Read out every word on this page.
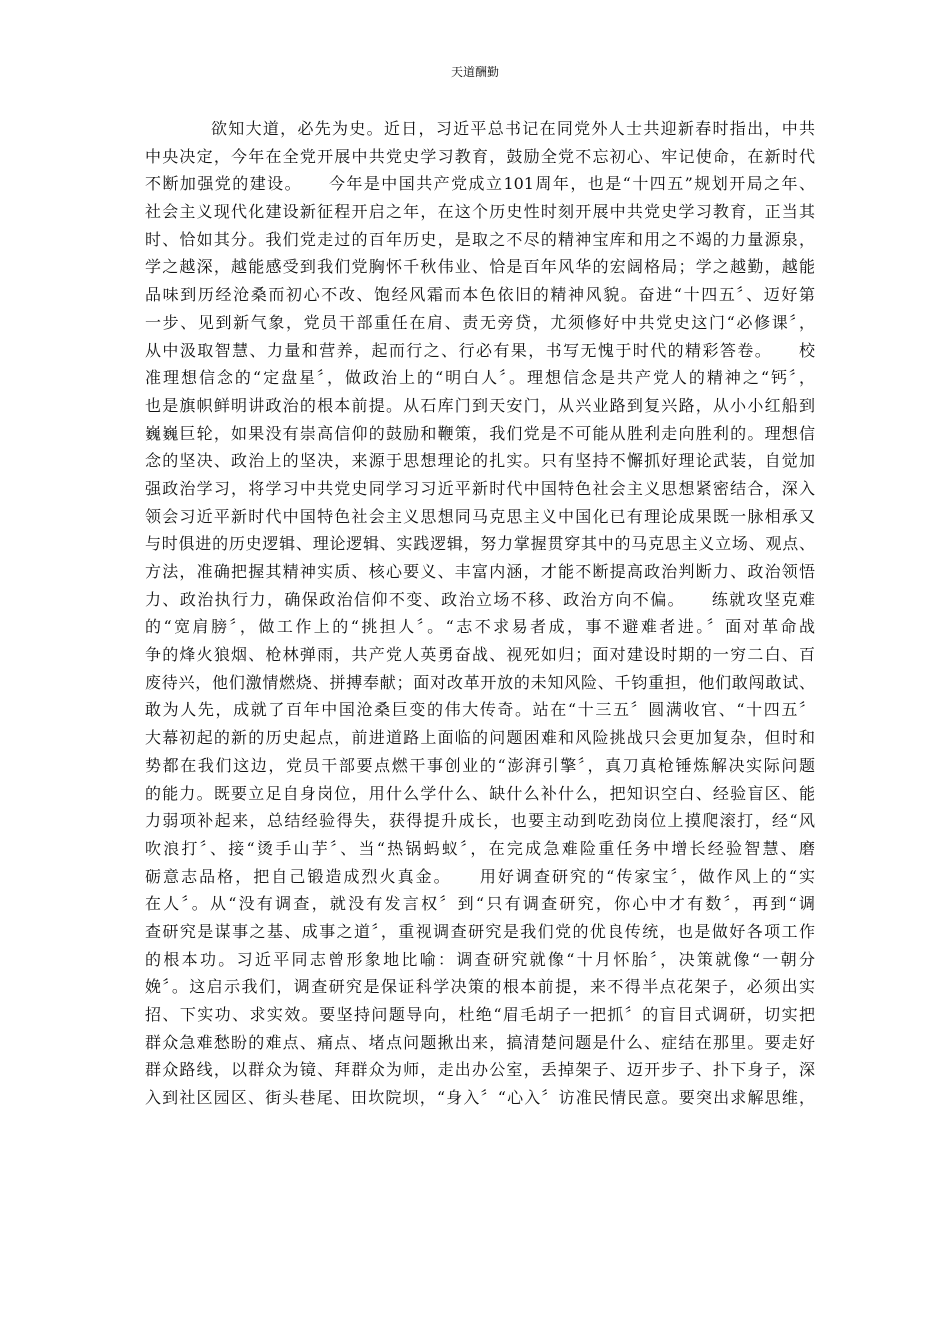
天道酬勤
欲知大道，必先为史。近日，习近平总书记在同党外人士共迎新春时指出，中共
中央决定，今年在全党开展中共党史学习教育，鼓励全党不忘初心、牢记使命，在新时代
不断加强党的建设。　　今年是中国共产党成立101周年，也是“十四五”规划开局之年、
社会主义现代化建设新征程开启之年，在这个历史性时刻开展中共党史学习教育，正当其
时、恰如其分。我们党走过的百年历史，是取之不尽的精神宝库和用之不竭的力量源泉，
学之越深，越能感受到我们党胸怀千秋伟业、恰是百年风华的宏阔格局；学之越勤，越能
品味到历经沧桑而初心不改、饱经风霜而本色依旧的精神风貌。奋进“十四五〞、迈好第
一步、见到新气象，党员干部重任在肩、责无旁贷，尤须修好中共党史这门“必修课〞，
从中汲取智慧、力量和营养，起而行之、行必有果，书写无愧于时代的精彩答卷。　　校
准理想信念的“定盘星〞，做政治上的“明白人〞。理想信念是共产党人的精神之“钙〞，
也是旗帜鲜明讲政治的根本前提。从石库门到天安门，从兴业路到复兴路，从小小红船到
巍巍巨轮，如果没有崇高信仰的鼓励和鞭策，我们党是不可能从胜利走向胜利的。理想信
念的坚决、政治上的坚决，来源于思想理论的扎实。只有坚持不懈抓好理论武装，自觉加
强政治学习，将学习中共党史同学习习近平新时代中国特色社会主义思想紧密结合，深入
领会习近平新时代中国特色社会主义思想同马克思主义中国化已有理论成果既一脉相承又
与时俱进的历史逻辑、理论逻辑、实践逻辑，努力掌握贯穿其中的马克思主义立场、观点、
方法，准确把握其精神实质、核心要义、丰富内涵，才能不断提高政治判断力、政治领悟
力、政治执行力，确保政治信仰不变、政治立场不移、政治方向不偏。　　练就攻坚克难
的“宽肩膀〞，做工作上的“挑担人〞。“志不求易者成，事不避难者进。〞面对革命战
争的烽火狼烟、枪林弹雨，共产党人英勇奋战、视死如归；面对建设时期的一穷二白、百
废待兴，他们激情燃烧、拼搏奉献；面对改革开放的未知风险、千钧重担，他们敢闯敢试、
敢为人先，成就了百年中国沧桑巨变的伟大传奇。站在“十三五〞圆满收官、“十四五〞
大幕初起的新的历史起点，前进道路上面临的问题困难和风险挑战只会更加复杂，但时和
势都在我们这边，党员干部要点燃干事创业的“澎湃引擎〞，真刀真枪锤炼解决实际问题
的能力。既要立足自身岗位，用什么学什么、缺什么补什么，把知识空白、经验盲区、能
力弱项补起来，总结经验得失，获得提升成长，也要主动到吃劲岗位上摸爬滚打，经“风
吹浪打〞、接“烫手山芋〞、当“热锅蚂蚁〞，在完成急难险重任务中增长经验智慧、磨
砺意志品格，把自己锻造成烈火真金。　　用好调查研究的“传家宝〞，做作风上的“实
在人〞。从“没有调查，就没有发言权〞到“只有调查研究，你心中才有数〞，再到“调
查研究是谋事之基、成事之道〞，重视调查研究是我们党的优良传统，也是做好各项工作
的根本功。习近平同志曾形象地比喻：调查研究就像“十月怀胎〞，决策就像“一朝分
娩〞。这启示我们，调查研究是保证科学决策的根本前提，来不得半点花架子，必须出实
招、下实功、求实效。要坚持问题导向，杜绝“眉毛胡子一把抓〞的盲目式调研，切实把
群众急难愁盼的难点、痛点、堵点问题揪出来，搞清楚问题是什么、症结在那里。要走好
群众路线，以群众为镜、拜群众为师，走出办公室，丢掉架子、迈开步子、扑下身子，深
入到社区园区、街头巷尾、田坎院坝，“身入〞“心入〞访准民情民意。要突出求解思维，
